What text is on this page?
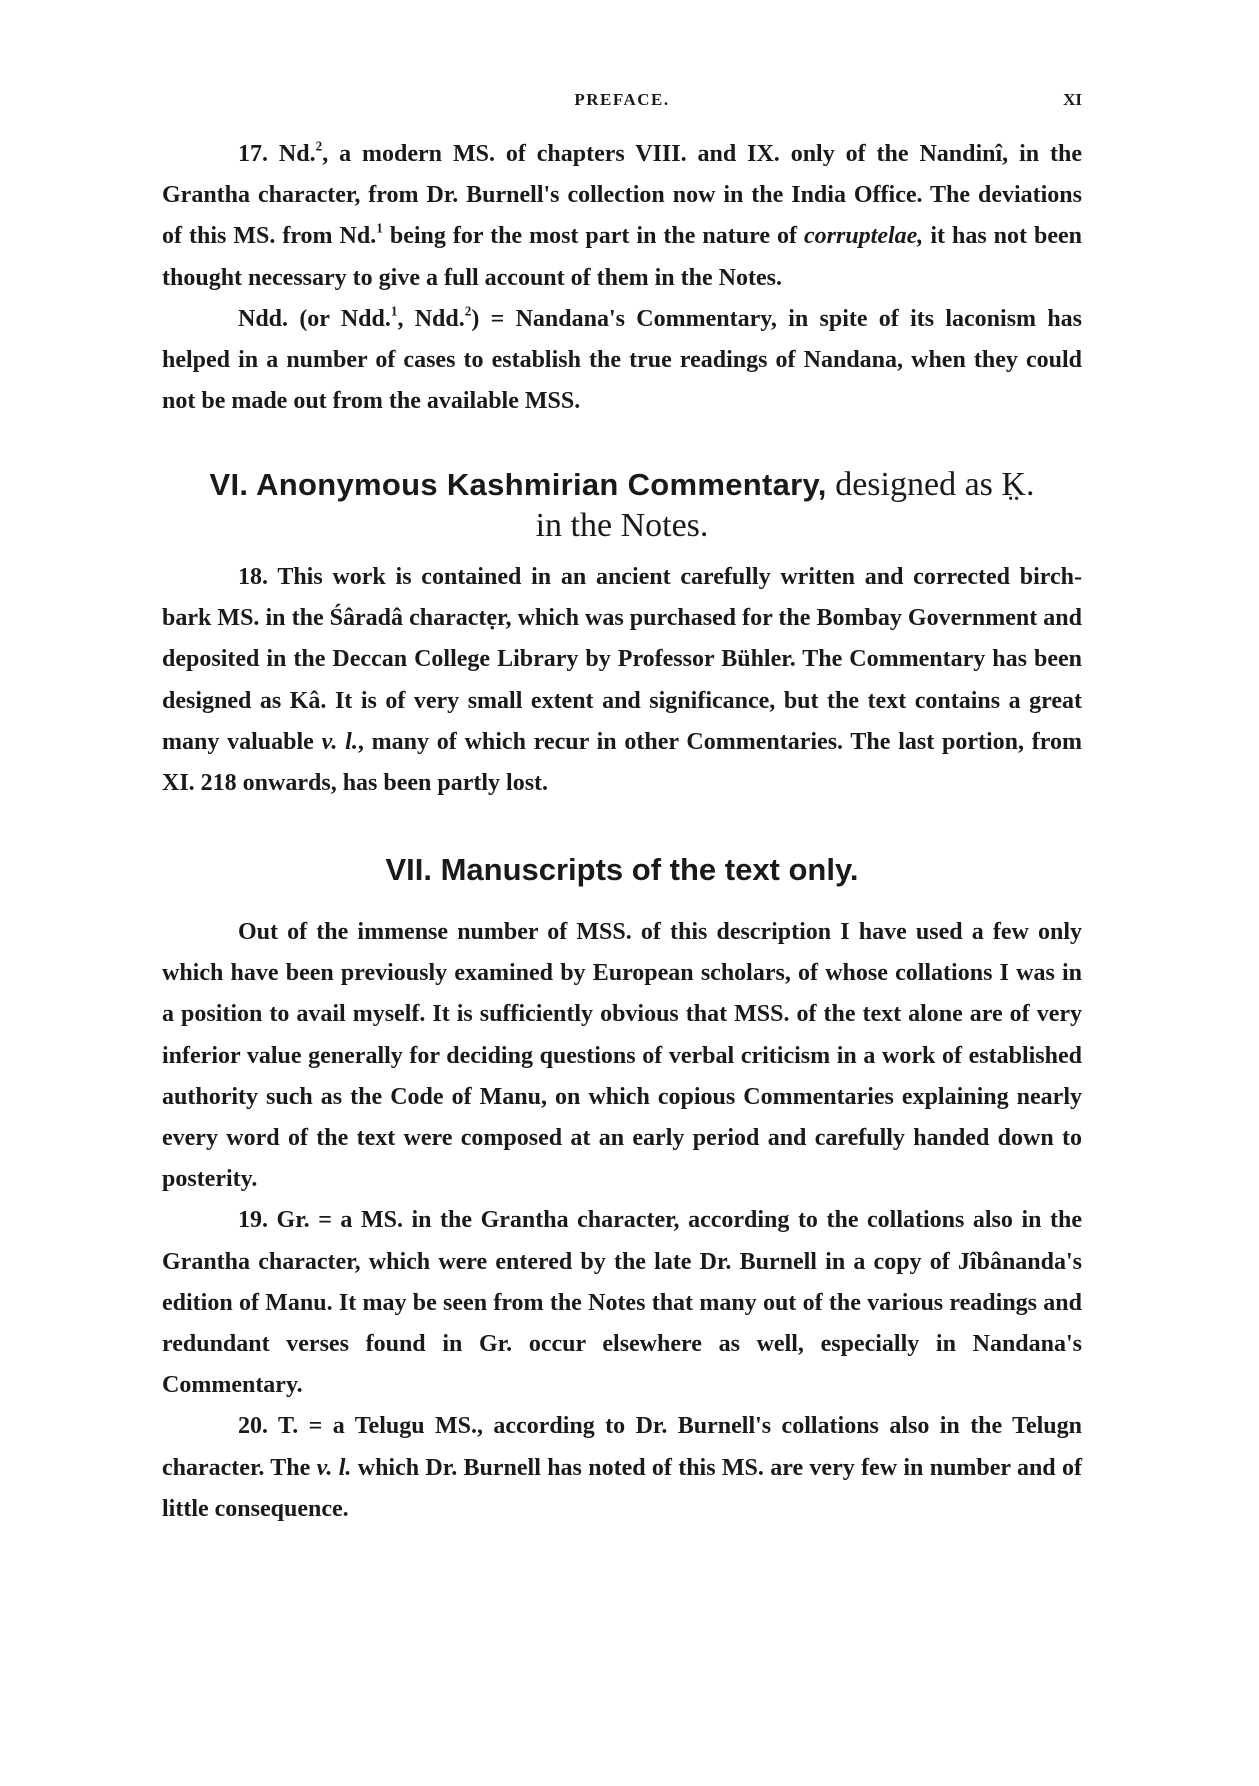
PREFACE.	XI

17. Nd.$^2$, a modern MS. of chapters VIII. and IX. only of the Nandinî, in the Grantha character, from Dr. Burnell's collection now in the India Office. The deviations of this MS. from Nd.$^1$ being for the most part in the nature of corruptelae, it has not been thought necessary to give a full account of them in the Notes.

Ndd. (or Ndd.$^1$, Ndd.$^2$) = Nandana's Commentary, in spite of its laconism has helped in a number of cases to establish the true readings of Nandana, when they could not be made out from the available MSS.

VI. Anonymous Kashmirian Commentary, designed as K̤.
in the Notes.

18. This work is contained in an ancient carefully written and corrected birch-bark MS. in the Śâradâ charactẹr, which was purchased for the Bombay Government and deposited in the Deccan College Library by Professor Bühler. The Commentary has been designed as Kâ. It is of very small extent and significance, but the text contains a great many valuable v. l., many of which recur in other Commentaries. The last portion, from XI. 218 onwards, has been partly lost.

VII. Manuscripts of the text only.

Out of the immense number of MSS. of this description I have used a few only which have been previously examined by European scholars, of whose collations I was in a position to avail myself. It is sufficiently obvious that MSS. of the text alone are of very inferior value generally for deciding questions of verbal criticism in a work of established authority such as the Code of Manu, on which copious Commentaries explaining nearly every word of the text were composed at an early period and carefully handed down to posterity.

19. Gr. = a MS. in the Grantha character, according to the collations also in the Grantha character, which were entered by the late Dr. Burnell in a copy of Jîbânanda's edition of Manu. It may be seen from the Notes that many out of the various readings and redundant verses found in Gr. occur elsewhere as well, especially in Nandana's Commentary.

20. T. = a Telugu MS., according to Dr. Burnell's collations also in the Telugn character. The v. l. which Dr. Burnell has noted of this MS. are very few in number and of little consequence.
